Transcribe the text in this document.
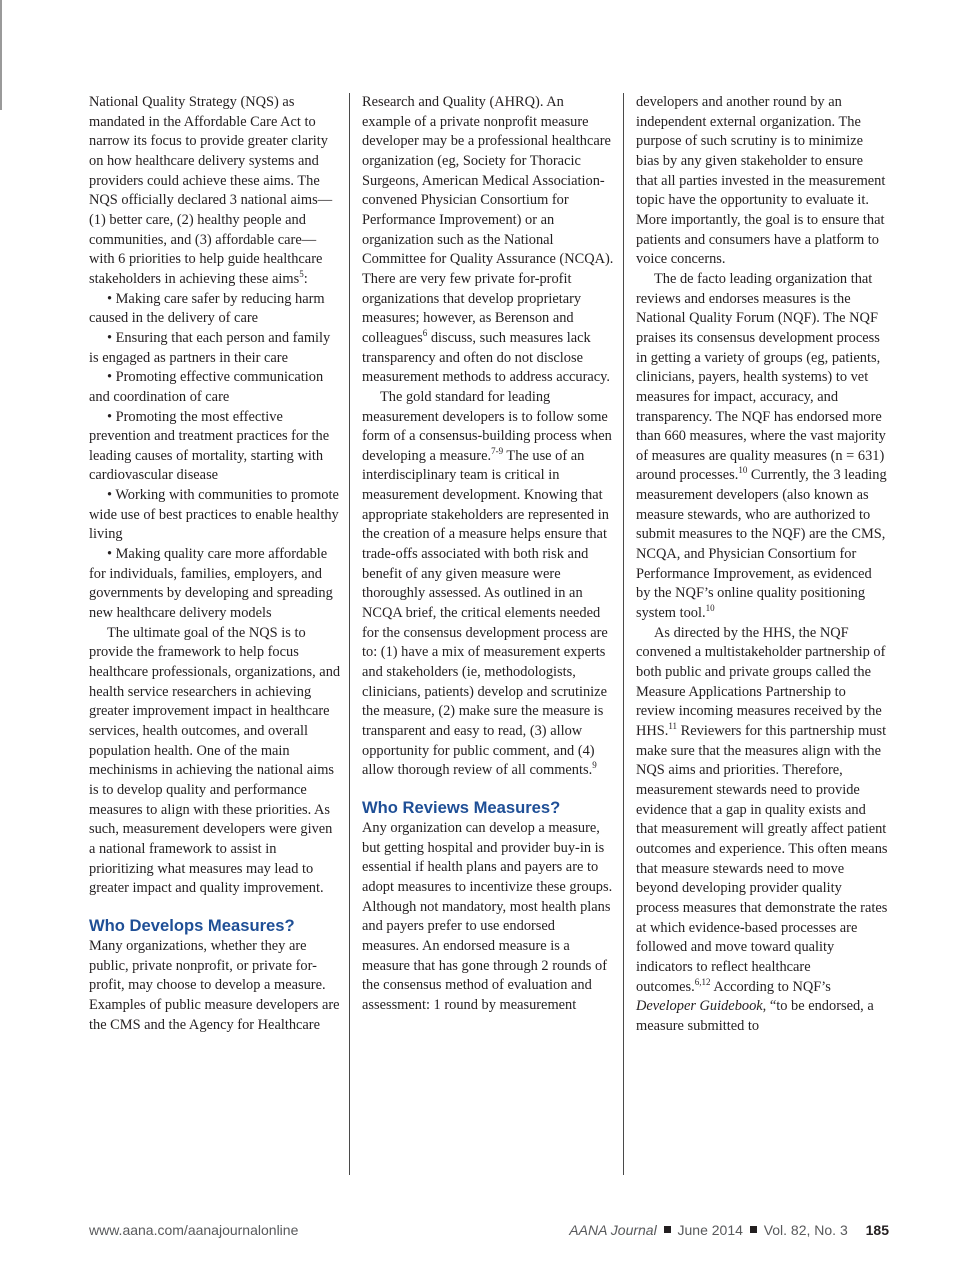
National Quality Strategy (NQS) as mandated in the Affordable Care Act to narrow its focus to provide greater clarity on how healthcare delivery systems and providers could achieve these aims. The NQS officially declared 3 national aims—(1) better care, (2) healthy people and communities, and (3) affordable care—with 6 priorities to help guide healthcare stakeholders in achieving these aims$^5$:

• Making care safer by reducing harm caused in the delivery of care

• Ensuring that each person and family is engaged as partners in their care

• Promoting effective communication and coordination of care

• Promoting the most effective prevention and treatment practices for the leading causes of mortality, starting with cardiovascular disease

• Working with communities to promote wide use of best practices to enable healthy living

• Making quality care more affordable for individuals, families, employers, and governments by developing and spreading new healthcare delivery models

The ultimate goal of the NQS is to provide the framework to help focus healthcare professionals, organizations, and health service researchers in achieving greater improvement impact in healthcare services, health outcomes, and overall population health. One of the main mechinisms in achieving the national aims is to develop quality and performance measures to align with these priorities. As such, measurement developers were given a national framework to assist in prioritizing what measures may lead to greater impact and quality improvement.

Who Develops Measures?

Many organizations, whether they are public, private nonprofit, or private for-profit, may choose to develop a measure. Examples of public measure developers are the CMS and the Agency for Healthcare

Research and Quality (AHRQ). An example of a private nonprofit measure developer may be a professional healthcare organization (eg, Society for Thoracic Surgeons, American Medical Association-convened Physician Consortium for Performance Improvement) or an organization such as the National Committee for Quality Assurance (NCQA). There are very few private for-profit organizations that develop proprietary measures; however, as Berenson and colleagues$^6$ discuss, such measures lack transparency and often do not disclose measurement methods to address accuracy.

The gold standard for leading measurement developers is to follow some form of a consensus-building process when developing a measure.$^{7-9}$ The use of an interdisciplinary team is critical in measurement development. Knowing that appropriate stakeholders are represented in the creation of a measure helps ensure that trade-offs associated with both risk and benefit of any given measure were thoroughly assessed. As outlined in an NCQA brief, the critical elements needed for the consensus development process are to: (1) have a mix of measurement experts and stakeholders (ie, methodologists, clinicians, patients) develop and scrutinize the measure, (2) make sure the measure is transparent and easy to read, (3) allow opportunity for public comment, and (4) allow thorough review of all comments.$^9$

Who Reviews Measures?

Any organization can develop a measure, but getting hospital and provider buy-in is essential if health plans and payers are to adopt measures to incentivize these groups. Although not mandatory, most health plans and payers prefer to use endorsed measures. An endorsed measure is a measure that has gone through 2 rounds of the consensus method of evaluation and assessment: 1 round by measurement

developers and another round by an independent external organization. The purpose of such scrutiny is to minimize bias by any given stakeholder to ensure that all parties invested in the measurement topic have the opportunity to evaluate it. More importantly, the goal is to ensure that patients and consumers have a platform to voice concerns.

The de facto leading organization that reviews and endorses measures is the National Quality Forum (NQF). The NQF praises its consensus development process in getting a variety of groups (eg, patients, clinicians, payers, health systems) to vet measures for impact, accuracy, and transparency. The NQF has endorsed more than 660 measures, where the vast majority of measures are quality measures (n = 631) around processes.$^{10}$ Currently, the 3 leading measurement developers (also known as measure stewards, who are authorized to submit measures to the NQF) are the CMS, NCQA, and Physician Consortium for Performance Improvement, as evidenced by the NQF’s online quality positioning system tool.$^{10}$

As directed by the HHS, the NQF convened a multistakeholder partnership of both public and private groups called the Measure Applications Partnership to review incoming measures received by the HHS.$^{11}$ Reviewers for this partnership must make sure that the measures align with the NQS aims and priorities. Therefore, measurement stewards need to provide evidence that a gap in quality exists and that measurement will greatly affect patient outcomes and experience. This often means that measure stewards need to move beyond developing provider quality process measures that demonstrate the rates at which evidence-based processes are followed and move toward quality indicators to reflect healthcare outcomes.$^{6,12}$ According to NQF’s Developer Guidebook, “to be endorsed, a measure submitted to

www.aana.com/aanajournalonline	AANA Journal June 2014 Vol. 82, No. 3 185
